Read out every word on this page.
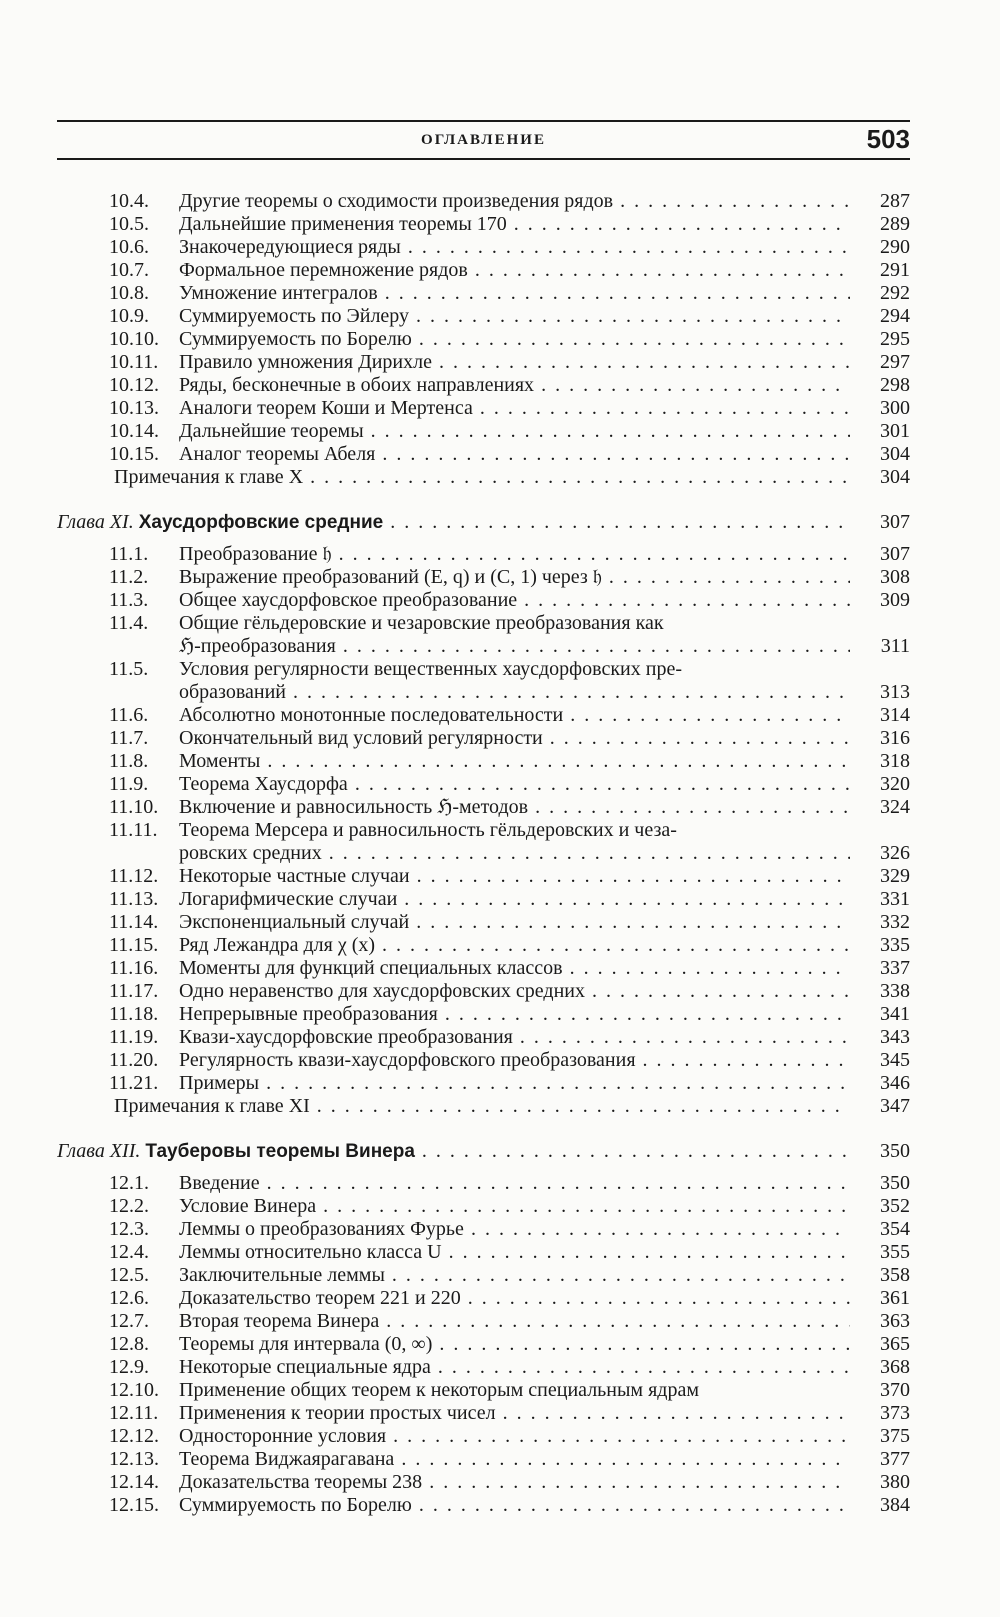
ОГЛАВЛЕНИЕ	503
10.4.	Другие теоремы о сходимости произведения рядов . . .	287
10.5.	Дальнейшие применения теоремы 170 . . .	289
10.6.	Знакочередующиеся ряды . . .	290
10.7.	Формальное перемножение рядов . . .	291
10.8.	Умножение интегралов . . .	292
10.9.	Суммируемость по Эйлеру . . .	294
10.10.	Суммируемость по Борелю . . .	295
10.11.	Правило умножения Дирихле . . .	297
10.12.	Ряды, бесконечные в обоих направлениях . . .	298
10.13.	Аналоги теорем Коши и Мертенса . . .	300
10.14.	Дальнейшие теоремы . . .	301
10.15.	Аналог теоремы Абеля . . .	304
Примечания к главе X . . .	304
Глава XI. Хаусдорфовские средние . . .	307
11.1.	Преобразование 𝔥 . . .	307
11.2.	Выражение преобразований (E, q) и (C, 1) через 𝔥 . . .	308
11.3.	Общее хаусдорфовское преобразование . . .	309
11.4.	Общие гёльдеровские и чезаровские преобразования как
ℌ-преобразования . . .	311
11.5.	Условия регулярности вещественных хаусдорфовских пре-
образований . . .	313
11.6.	Абсолютно монотонные последовательности . . .	314
11.7.	Окончательный вид условий регулярности . . .	316
11.8.	Моменты . . .	318
11.9.	Теорема Хаусдорфа . . .	320
11.10.	Включение и равносильность ℌ-методов . . .	324
11.11.	Теорема Мерсера и равносильность гёльдеровских и чеза-
ровских средних . . .	326
11.12.	Некоторые частные случаи . . .	329
11.13.	Логарифмические случаи . . .	331
11.14.	Экспоненциальный случай . . .	332
11.15.	Ряд Лежандра для χ (x) . . .	335
11.16.	Моменты для функций специальных классов . . .	337
11.17.	Одно неравенство для хаусдорфовских средних . . .	338
11.18.	Непрерывные преобразования . . .	341
11.19.	Квази-хаусдорфовские преобразования . . .	343
11.20.	Регулярность квази-хаусдорфовского преобразования . . .	345
11.21.	Примеры . . .	346
Примечания к главе XI . . .	347
Глава XII. Тауберовы теоремы Винера . . .	350
12.1.	Введение . . .	350
12.2.	Условие Винера . . .	352
12.3.	Леммы о преобразованиях Фурье . . .	354
12.4.	Леммы относительно класса U . . .	355
12.5.	Заключительные леммы . . .	358
12.6.	Доказательство теорем 221 и 220 . . .	361
12.7.	Вторая теорема Винера . . .	363
12.8.	Теоремы для интервала (0, ∞) . . .	365
12.9.	Некоторые специальные ядра . . .	368
12.10.	Применение общих теорем к некоторым специальным ядрам	370
12.11.	Применения к теории простых чисел . . .	373
12.12.	Односторонние условия . . .	375
12.13.	Теорема Виджаярагавана . . .	377
12.14.	Доказательства теоремы 238 . . .	380
12.15.	Суммируемость по Борелю . . .	384
